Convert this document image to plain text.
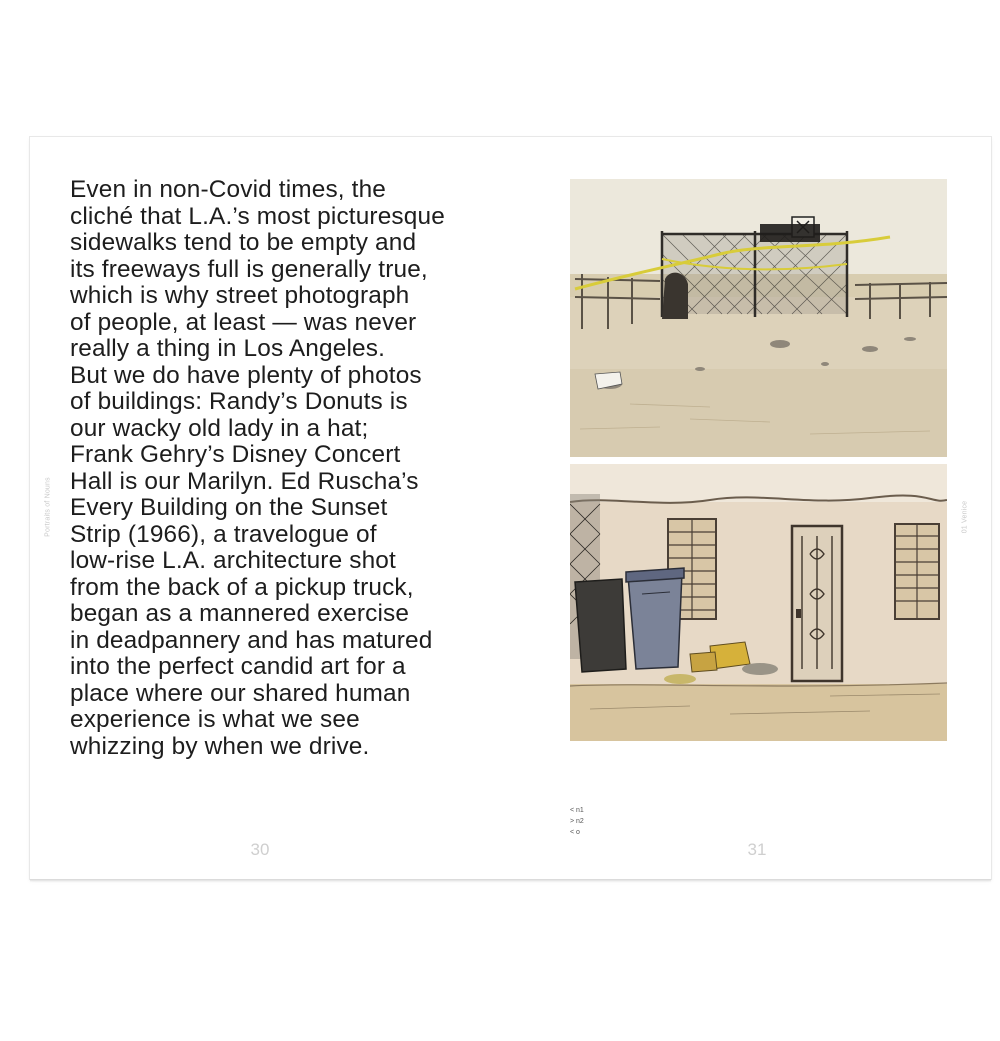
Even in non-Covid times, the
cliché that L.A.’s most picturesque
sidewalks tend to be empty and
its freeways full is generally true,
which is why street photograph
of people, at least — was never
really a thing in Los Angeles.
But we do have plenty of photos
of buildings: Randy’s Donuts is
our wacky old lady in a hat;
Frank Gehry’s Disney Concert
Hall is our Marilyn. Ed Ruscha’s
Every Building on the Sunset
Strip (1966), a travelogue of
low-rise L.A. architecture shot
from the back of a pickup truck,
began as a mannered exercise
in deadpannery and has matured
into the perfect candid art for a
place where our shared human
experience is what we see
whizzing by when we drive.

Portraits of Nouns	01 Venice
< n1
> n2
< o
30	31
